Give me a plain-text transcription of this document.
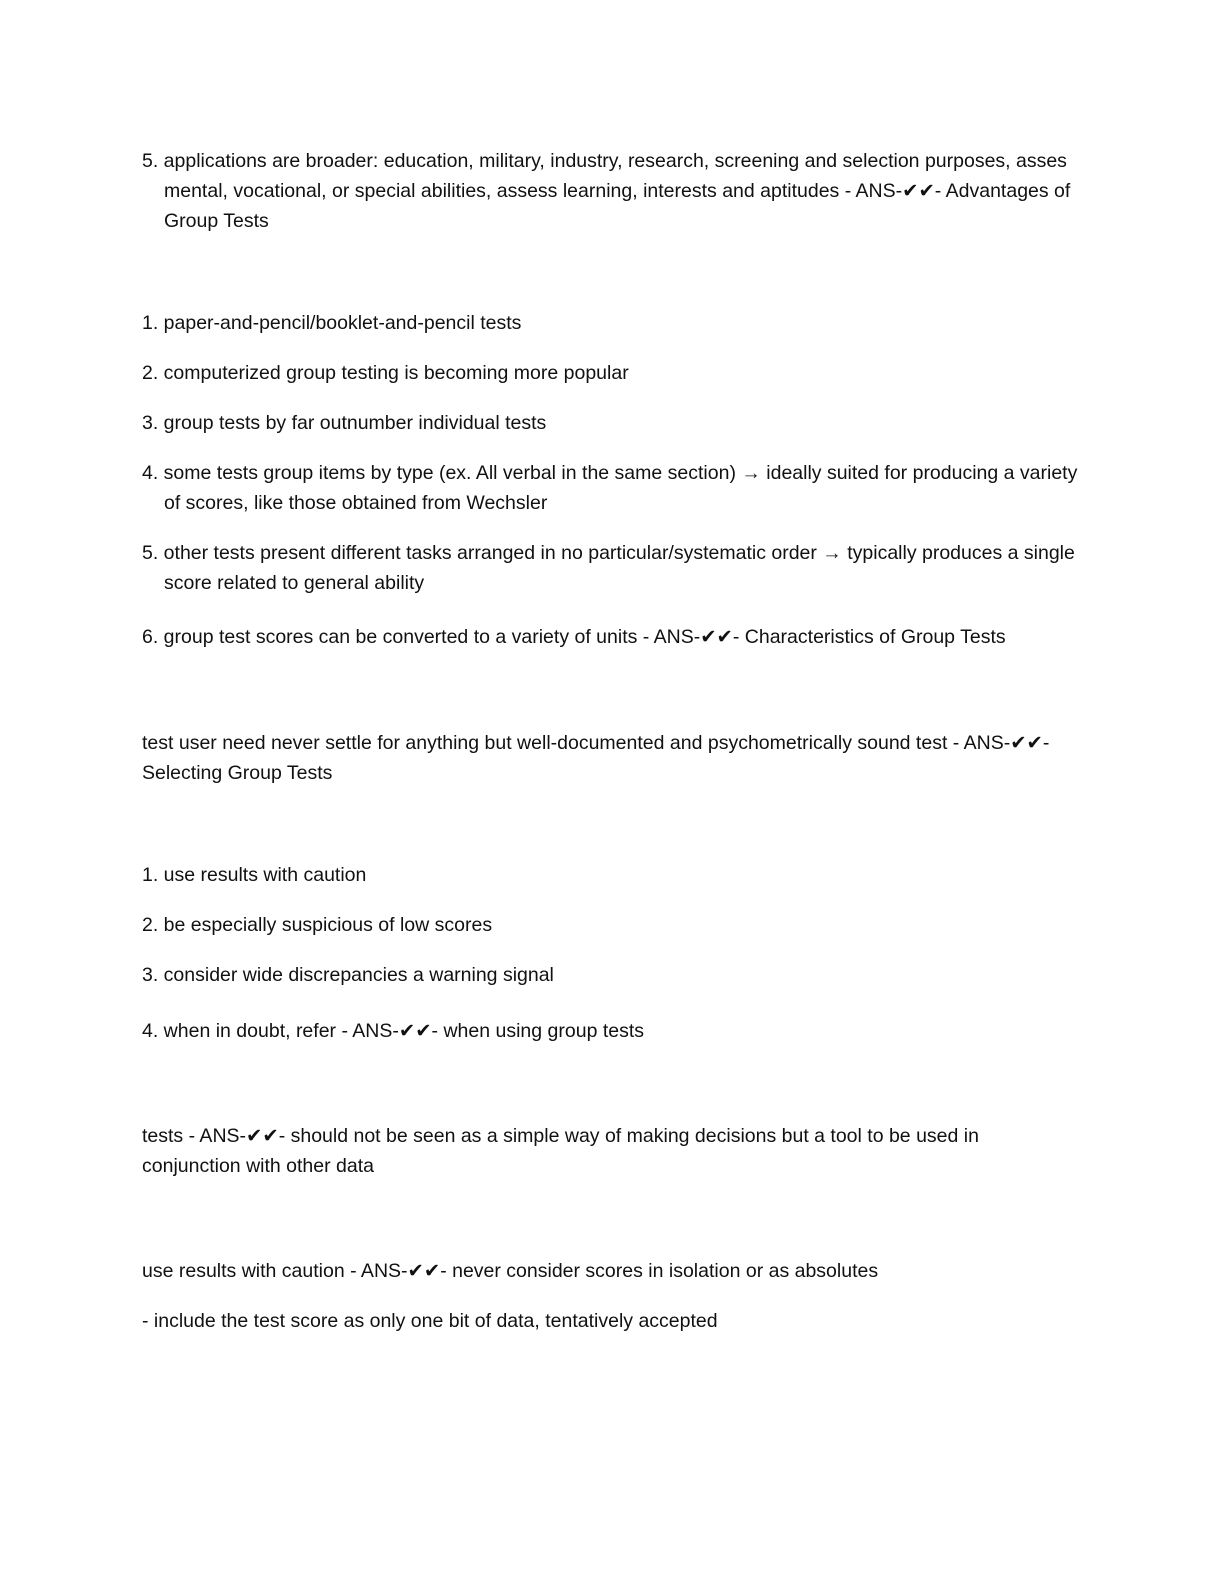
5. applications are broader: education, military, industry, research, screening and selection purposes, asses mental, vocational, or special abilities, assess learning, interests and aptitudes - ANS-✔✔- Advantages of Group Tests

1. paper-and-pencil/booklet-and-pencil tests

2. computerized group testing is becoming more popular

3. group tests by far outnumber individual tests

4. some tests group items by type (ex. All verbal in the same section) → ideally suited for producing a variety of scores, like those obtained from Wechsler

5. other tests present different tasks arranged in no particular/systematic order → typically produces a single score related to general ability

6. group test scores can be converted to a variety of units - ANS-✔✔- Characteristics of Group Tests

test user need never settle for anything but well-documented and psychometrically sound test - ANS-✔✔- Selecting Group Tests

1. use results with caution

2. be especially suspicious of low scores

3. consider wide discrepancies a warning signal

4. when in doubt, refer - ANS-✔✔- when using group tests

tests - ANS-✔✔- should not be seen as a simple way of making decisions but a tool to be used in conjunction with other data

use results with caution - ANS-✔✔- never consider scores in isolation or as absolutes

- include the test score as only one bit of data, tentatively accepted
